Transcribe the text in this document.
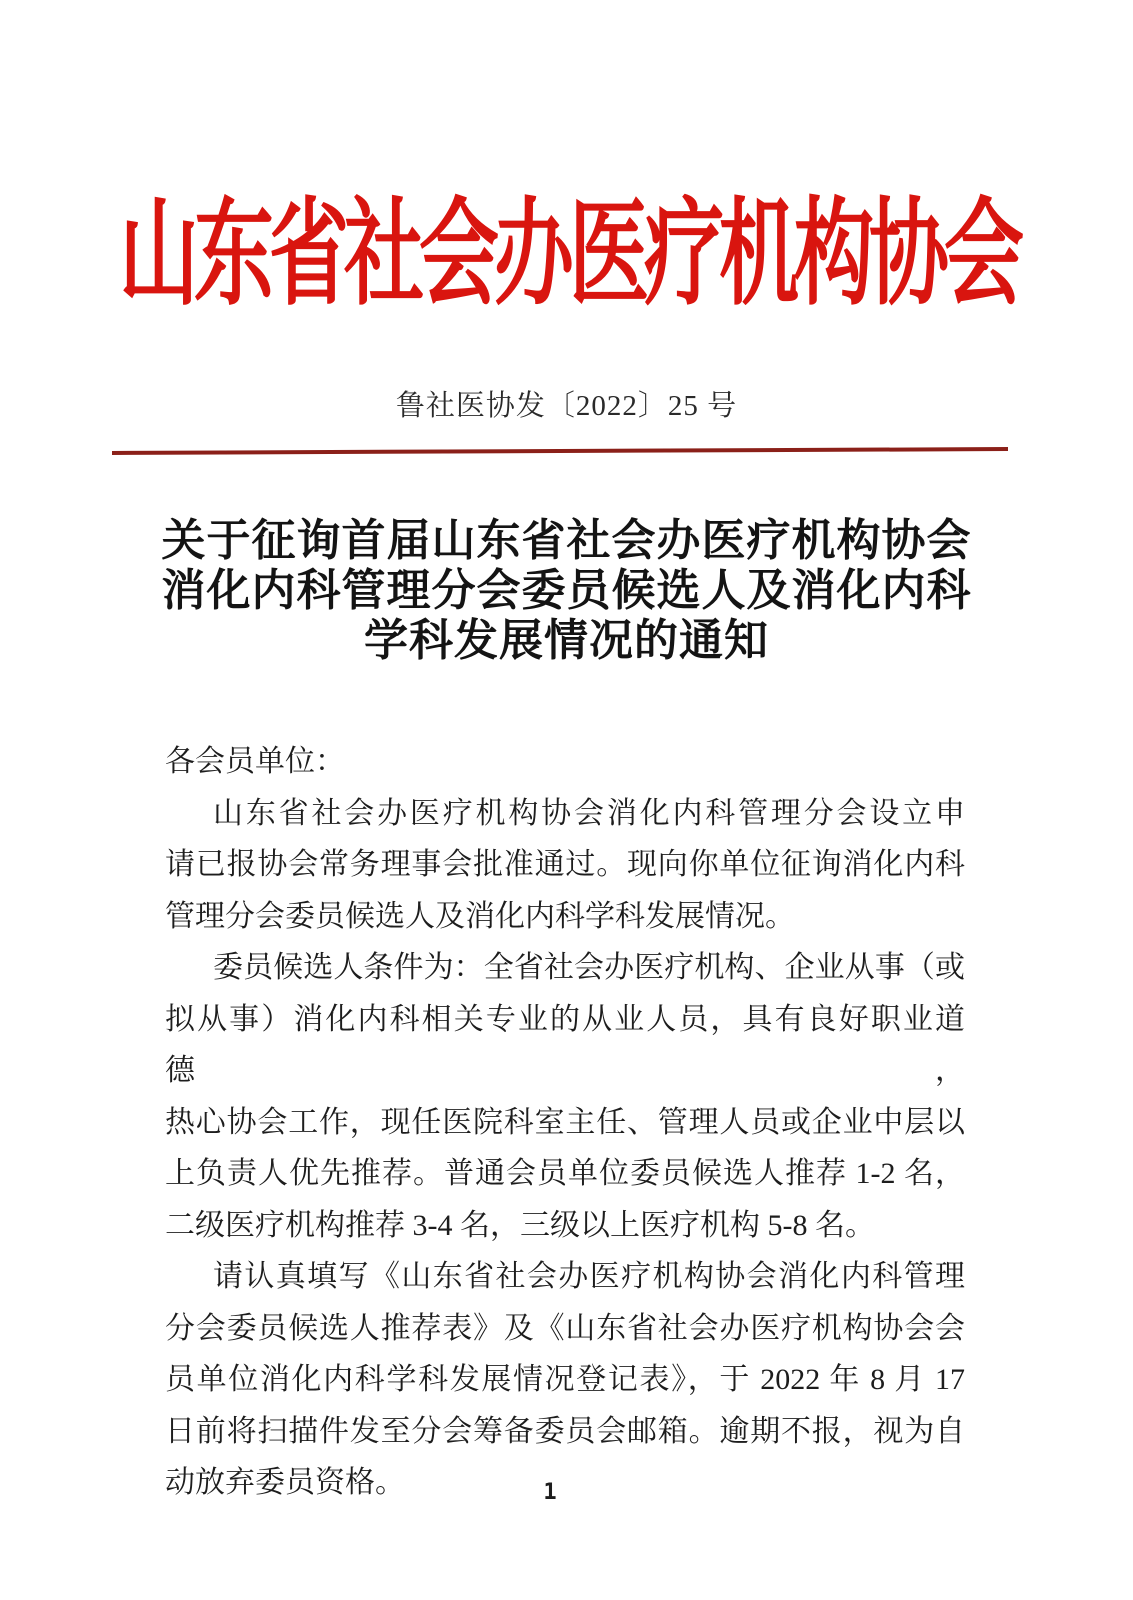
山东省社会办医疗机构协会
鲁社医协发〔2022〕25 号
关于征询首届山东省社会办医疗机构协会
消化内科管理分会委员候选人及消化内科
学科发展情况的通知
各会员单位：
山东省社会办医疗机构协会消化内科管理分会设立申
请已报协会常务理事会批准通过。现向你单位征询消化内科
管理分会委员候选人及消化内科学科发展情况。
委员候选人条件为：全省社会办医疗机构、企业从事（或
拟从事）消化内科相关专业的从业人员，具有良好职业道德，
热心协会工作，现任医院科室主任、管理人员或企业中层以
上负责人优先推荐。普通会员单位委员候选人推荐 1-2 名，
二级医疗机构推荐 3-4 名，三级以上医疗机构 5-8 名。
请认真填写《山东省社会办医疗机构协会消化内科管理
分会委员候选人推荐表》及《山东省社会办医疗机构协会会
员单位消化内科学科发展情况登记表》，于 2022 年 8 月 17
日前将扫描件发至分会筹备委员会邮箱。逾期不报，视为自
动放弃委员资格。	1
